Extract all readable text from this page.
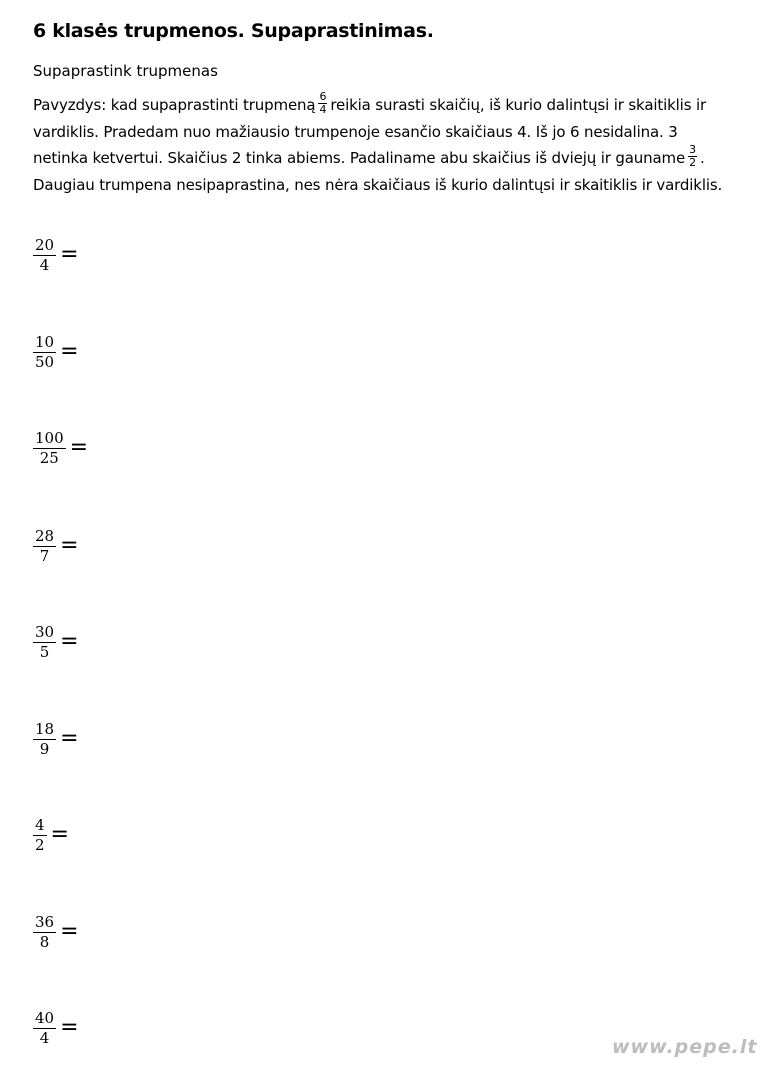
6 klasės trupmenos. Supaprastinimas.
Supaprastink trupmenas
Pavyzdys: kad supaprastinti trupmeną $\frac{6}{4}$ reikia surasti skaičių, iš kurio dalintųsi ir skaitiklis ir vardiklis. Pradedam nuo mažiausio trumpenoje esančio skaičiaus 4. Iš jo 6 nesidalina. 3 netinka ketvertui. Skaičius 2 tinka abiems. Padaliname abu skaičius iš dviejų ir gauname $\frac{3}{2}$ . Daugiau trumpena nesipaprastina, nes nėra skaičiaus iš kurio dalintųsi ir skaitiklis ir vardiklis.
$\frac{20}{4}$ =
$\frac{10}{50}$ =
$\frac{100}{25}$ =
$\frac{28}{7}$ =
$\frac{30}{5}$ =
$\frac{18}{9}$ =
$\frac{4}{2}$ =
$\frac{36}{8}$ =
$\frac{40}{4}$ =
www.pepe.lt
